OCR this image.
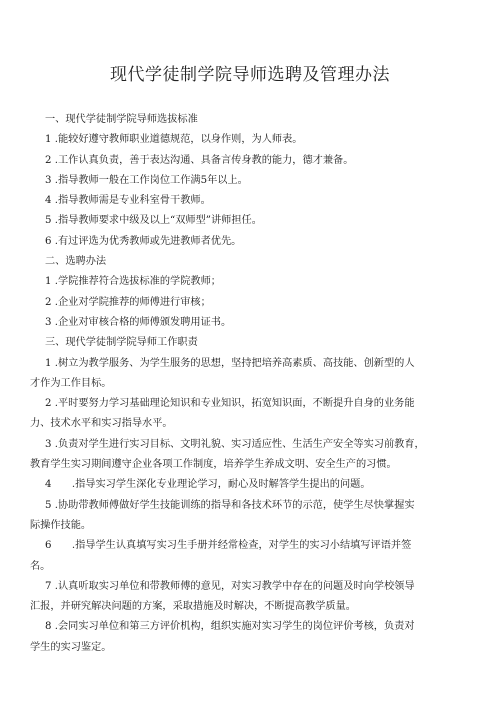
现代学徒制学院导师选聘及管理办法
一、现代学徒制学院导师选拔标准
1 .能较好遵守教师职业道德规范，以身作则，为人师表。
2 .工作认真负责，善于表达沟通、具备言传身教的能力，德才兼备。
3 .指导教师一般在工作岗位工作满5年以上。
4 .指导教师需是专业科室骨干教师。
5 .指导教师要求中级及以上“双师型”讲师担任。
6 .有过评选为优秀教师或先进教师者优先。
二、选聘办法
1 .学院推荐符合选拔标准的学院教师；
2 .企业对学院推荐的师傅进行审核；
3 .企业对审核合格的师傅颁发聘用证书。
三、现代学徒制学院导师工作职责
1 .树立为教学服务、为学生服务的思想，坚持把培养高素质、高技能、创新型的人
才作为工作目标。
2 .平时要努力学习基础理论知识和专业知识，拓宽知识面，不断提升自身的业务能
力、技术水平和实习指导水平。
3 .负责对学生进行实习目标、文明礼貌、实习适应性、生活生产安全等实习前教育，
教育学生实习期间遵守企业各项工作制度，培养学生养成文明、安全生产的习惯。
4　　.指导实习学生深化专业理论学习，耐心及时解答学生提出的问题。
5 .协助带教师傅做好学生技能训练的指导和各技术环节的示范，使学生尽快掌握实
际操作技能。
6　　.指导学生认真填写实习生手册并经常检查，对学生的实习小结填写评语并签
名。
7 .认真听取实习单位和带教师傅的意见，对实习教学中存在的问题及时向学校领导
汇报，并研究解决问题的方案，采取措施及时解决，不断提高教学质量。
8 .会同实习单位和第三方评价机构，组织实施对实习学生的岗位评价考核，负责对
学生的实习鉴定。
